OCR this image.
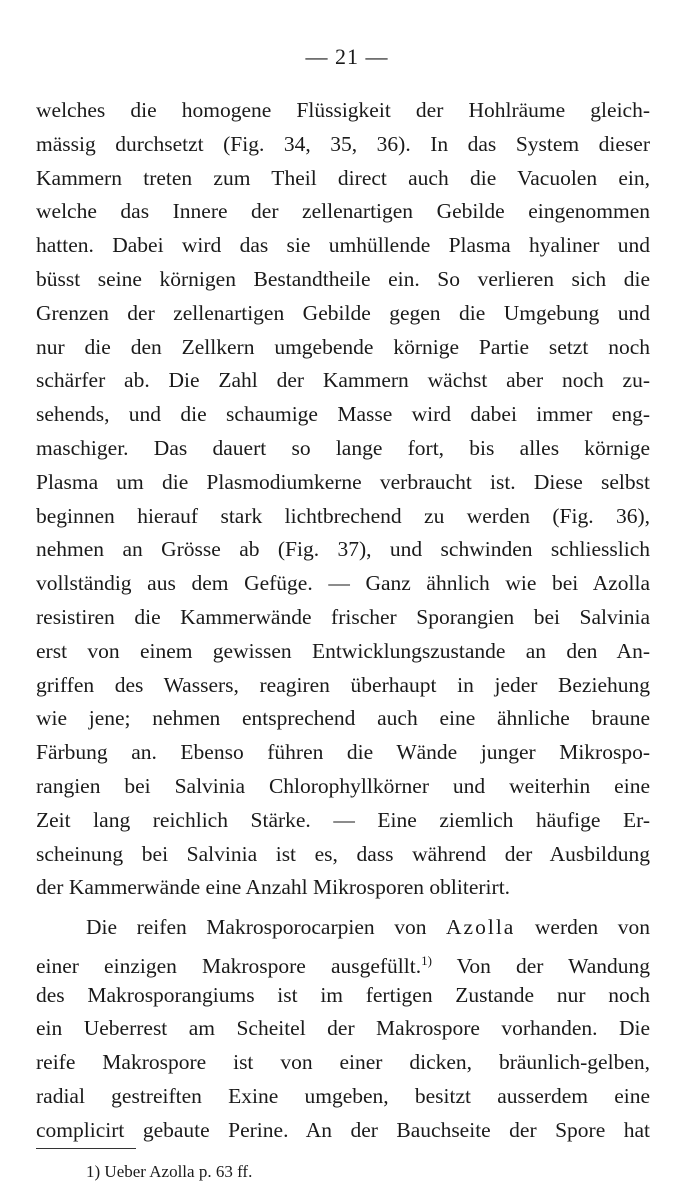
— 21 —
welches die homogene Flüssigkeit der Hohlräume gleich-
mässig durchsetzt (Fig. 34, 35, 36). In das System dieser
Kammern treten zum Theil direct auch die Vacuolen ein,
welche das Innere der zellenartigen Gebilde eingenommen
hatten. Dabei wird das sie umhüllende Plasma hyaliner und
büsst seine körnigen Bestandtheile ein. So verlieren sich die
Grenzen der zellenartigen Gebilde gegen die Umgebung und
nur die den Zellkern umgebende körnige Partie setzt noch
schärfer ab. Die Zahl der Kammern wächst aber noch zu-
sehends, und die schaumige Masse wird dabei immer eng-
maschiger. Das dauert so lange fort, bis alles körnige
Plasma um die Plasmodiumkerne verbraucht ist. Diese selbst
beginnen hierauf stark lichtbrechend zu werden (Fig. 36),
nehmen an Grösse ab (Fig. 37), und schwinden schliesslich
vollständig aus dem Gefüge. — Ganz ähnlich wie bei Azolla
resistiren die Kammerwände frischer Sporangien bei Salvinia
erst von einem gewissen Entwicklungszustande an den An-
griffen des Wassers, reagiren überhaupt in jeder Beziehung
wie jene; nehmen entsprechend auch eine ähnliche braune
Färbung an. Ebenso führen die Wände junger Mikrospo-
rangien bei Salvinia Chlorophyllkörner und weiterhin eine
Zeit lang reichlich Stärke. — Eine ziemlich häufige Er-
scheinung bei Salvinia ist es, dass während der Ausbildung
der Kammerwände eine Anzahl Mikrosporen obliterirt.
Die reifen Makrosporocarpien von Azolla werden von
einer einzigen Makrospore ausgefüllt.$^{1)}$ Von der Wandung
des Makrosporangiums ist im fertigen Zustande nur noch
ein Ueberrest am Scheitel der Makrospore vorhanden. Die
reife Makrospore ist von einer dicken, bräunlich-gelben,
radial gestreiften Exine umgeben, besitzt ausserdem eine
complicirt gebaute Perine. An der Bauchseite der Spore hat
1) Ueber Azolla p. 63 ff.
